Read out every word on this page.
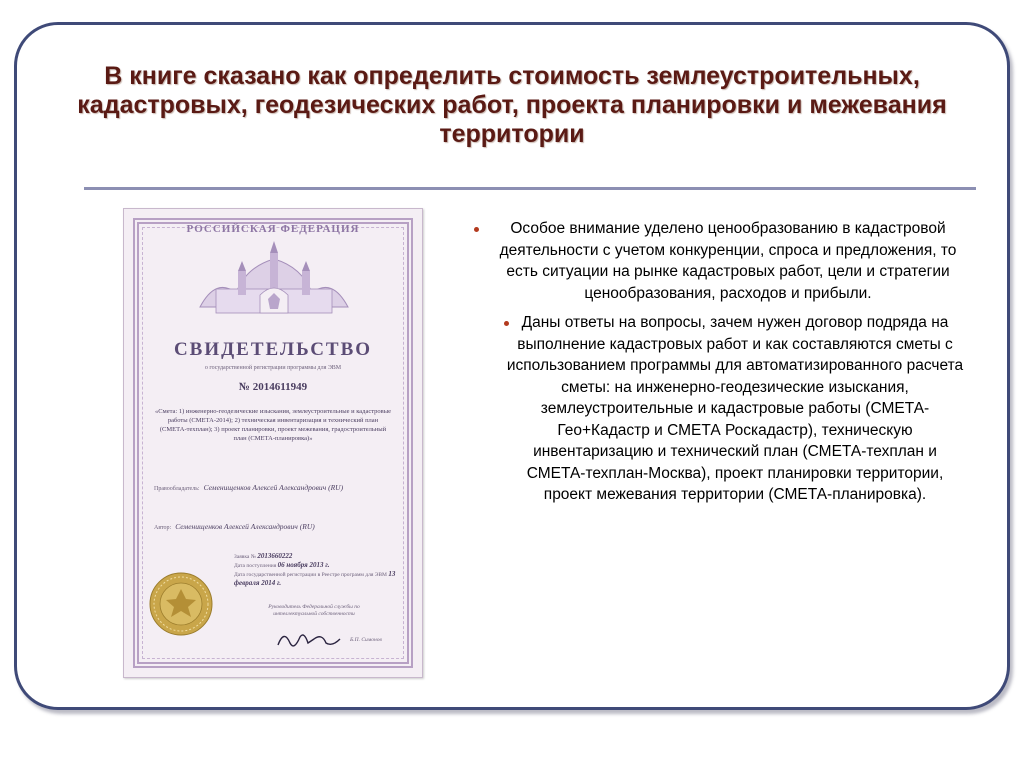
В книге сказано как определить стоимость землеустроительных, кадастровых, геодезических работ, проекта планировки и межевания территории
РОССИЙСКАЯ ФЕДЕРАЦИЯ
СВИДЕТЕЛЬСТВО
о государственной регистрации программы для ЭВМ
№ 2014611949
«Смета: 1) инженерно-геодезические изыскания, землеустроительные и кадастровые работы (СМЕТА-2014); 2) техническая инвентаризация и технический план (СМЕТА-техплан); 3) проект планировки, проект межевания, градостроительный план (СМЕТА-планировка)»
Правообладатель: Семенищенков Алексей Александрович (RU)
Автор: Семенищенков Алексей Александрович (RU)
Заявка № 2013660222
Дата поступления 06 ноября 2013 г.
Дата государственной регистрации в Реестре программ для ЭВМ 13 февраля 2014 г.
Руководитель Федеральной службы по интеллектуальной собственности
Б.П. Симонов
Особое внимание уделено ценообразованию в кадастровой деятельности с учетом конкуренции, спроса и предложения, то есть ситуации на рынке кадастровых работ, цели и стратегии ценообразования, расходов и прибыли.
Даны ответы на вопросы, зачем нужен договор подряда на выполнение кадастровых работ и как составляются сметы с использованием программы для автоматизированного расчета сметы: на инженерно-геодезические изыскания, землеустроительные и кадастровые работы (СМЕТА-Гео+Кадастр и СМЕТА Роскадастр), техническую инвентаризацию и технический план (СМЕТА-техплан и СМЕТА-техплан-Москва), проект планировки территории, проект межевания территории (СМЕТА-планировка).
